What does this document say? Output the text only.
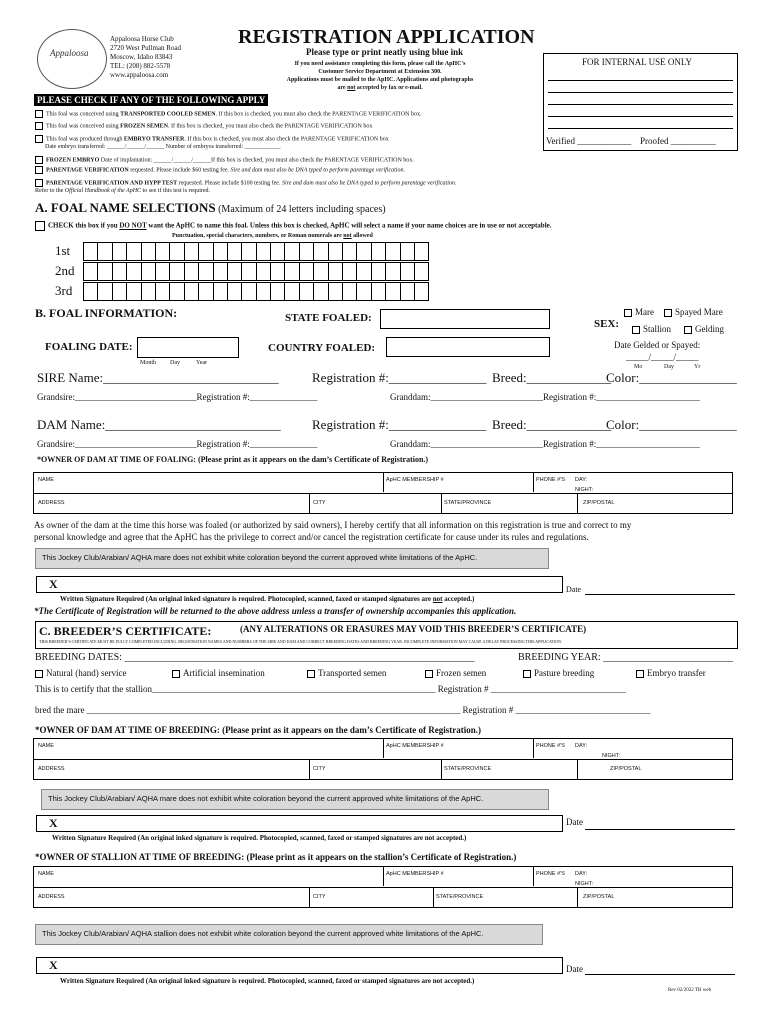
Appaloosa
Appaloosa Horse Club
2720 West Pullman Road
Moscow, Idaho 83843
TEL: (208) 882-5578
www.appaloosa.com
REGISTRATION APPLICATION
Please type or print neatly using blue ink
If you need assistance completing this form, please call the ApHC's
Customer Service Department at Extension 300.
Applications must be mailed to the ApHC. Applications and photographs
are not accepted by fax or e-mail.
FOR INTERNAL USE ONLY
Verified ____________ Proofed __________
PLEASE CHECK IF ANY OF THE FOLLOWING APPLY
This foal was conceived using TRANSPORTED COOLED SEMEN. If this box is checked, you must also check the PARENTAGE VERIFICATION box.
This foal was conceived using FROZEN SEMEN. If this box is checked, you must also check the PARENTAGE VERIFICATION box
This foal was produced through EMBRYO TRANSFER. If this box is checked, you must also check the PARENTAGE VERIFICATION box
Date embryo transferred: ______/______/______ Number of embryos transferred: ____________
FROZEN EMBRYO Date of implantation: ______/______/______If this box is checked, you must also check the PARENTAGE VERIFICATION box.
PARENTAGE VERIFICATION requested. Please include $60 testing fee. Sire and dam must also be DNA typed to perform parentage verification.
PARENTAGE VERIFICATION AND HYPP TEST requested. Please include $100 testing fee. Sire and dam must also be DNA typed to perform parentage verification.
Refer to the Official Handbook of the ApHC to see if this test is required.
A. FOAL NAME SELECTIONS (Maximum of 24 letters including spaces)
CHECK this box if you DO NOT want the ApHC to name this foal. Unless this box is checked, ApHC will select a name if your name choices are in use or not acceptable.
Punctuation, special characters, numbers, or Roman numerals are not allowed
1st
2nd
3rd
B. FOAL INFORMATION:	STATE FOALED:
COUNTRY FOALED:
FOALING DATE:
Month Day	Year
Mare	Spayed Mare
SEX:	Stallion	Gelding
Date Gelded or Spayed:
_____/_____/_____
Mo	Day	Yr
SIRE Name:___________________________	Registration #:_______________ Breed:_____________
Color:_______________
Grandsire:___________________________Registration #:_______________	Granddam:_________________________Registration #:_______________________
DAM Name:___________________________ Registration #:_______________ Breed:_____________
Color:_______________
Grandsire:___________________________Registration #:_______________	Granddam:_________________________Registration #:_______________________
*OWNER OF DAM AT TIME OF FOALING: (Please print as it appears on the dam’s Certificate of Registration.)
NAME	ApHC MEMBERSHIP #	PHONE #'S DAY:
NIGHT:
ADDRESS	CITY	STATE/PROVINCE	ZIP/POSTAL
As owner of the dam at the time this horse was foaled (or authorized by said owners), I hereby certify that all information on this registration is true and correct to my
personal knowledge and agree that the ApHC has the privilege to correct and/or cancel the registration certificate for cause under its rules and regulations.
This Jockey Club/Arabian/ AQHA mare does not exhibit white coloration beyond the current approved white limitations of the ApHC.
X	Date
Written Signature Required (An original inked signature is required. Photocopied, scanned, faxed or stamped signatures are not accepted.)
*The Certificate of Registration will be returned to the above address unless a transfer of ownership accompanies this application.
C. BREEDER’S CERTIFICATE:	(ANY ALTERATIONS OR ERASURES MAY VOID THIS BREEDER’S CERTIFICATE)
THIS BREEDER’S CERTIFICATE MUST BE FULLY COMPLETED INCLUDING, REGISTRATION NAMES AND NUMBERS OF THE SIRE AND DAM AND CORRECT BREEDING DATES AND BREEDING YEAR. INCOMPLETE INFORMATION MAY CAUSE A DELAY PROCESSING THIS APPLICATION.
BREEDING DATES: ______________________________________________________________________	BREEDING YEAR: __________________________
Natural (hand) service	Artificial insemination	Transported semen	Frozen semen	Pasture breeding	Embryo transfer
This is to certify that the stallion_______________________________________________________________ Registration # ______________________________
bred the mare ___________________________________________________________________________________ Registration # ______________________________
*OWNER OF DAM AT TIME OF BREEDING: (Please print as it appears on the dam’s Certificate of Registration.)
NAME	ApHC MEMBERSHIP #	PHONE #'S DAY:
NIGHT:
ADDRESS	CITY	STATE/PROVINCE	ZIP/POSTAL
This Jockey Club/Arabian/ AQHA mare does not exhibit white coloration beyond the current approved white limitations of the ApHC.
X	Date
Written Signature Required (An original inked signature is required. Photocopied, scanned, faxed or stamped signatures are not accepted.)
*OWNER OF STALLION AT TIME OF BREEDING: (Please print as it appears on the stallion’s Certificate of Registration.)
NAME	ApHC MEMBERSHIP #	PHONE #'S DAY:
NIGHT:
ADDRESS	CITY	STATE/PROVINCE	ZIP/POSTAL
This Jockey Club/Arabian/ AQHA stallion does not exhibit white coloration beyond the current approved white limitations of the ApHC.
X	Date
Written Signature Required (An original inked signature is required. Photocopied, scanned, faxed or stamped signatures are not accepted.)
Rev 02/2022 TH web
